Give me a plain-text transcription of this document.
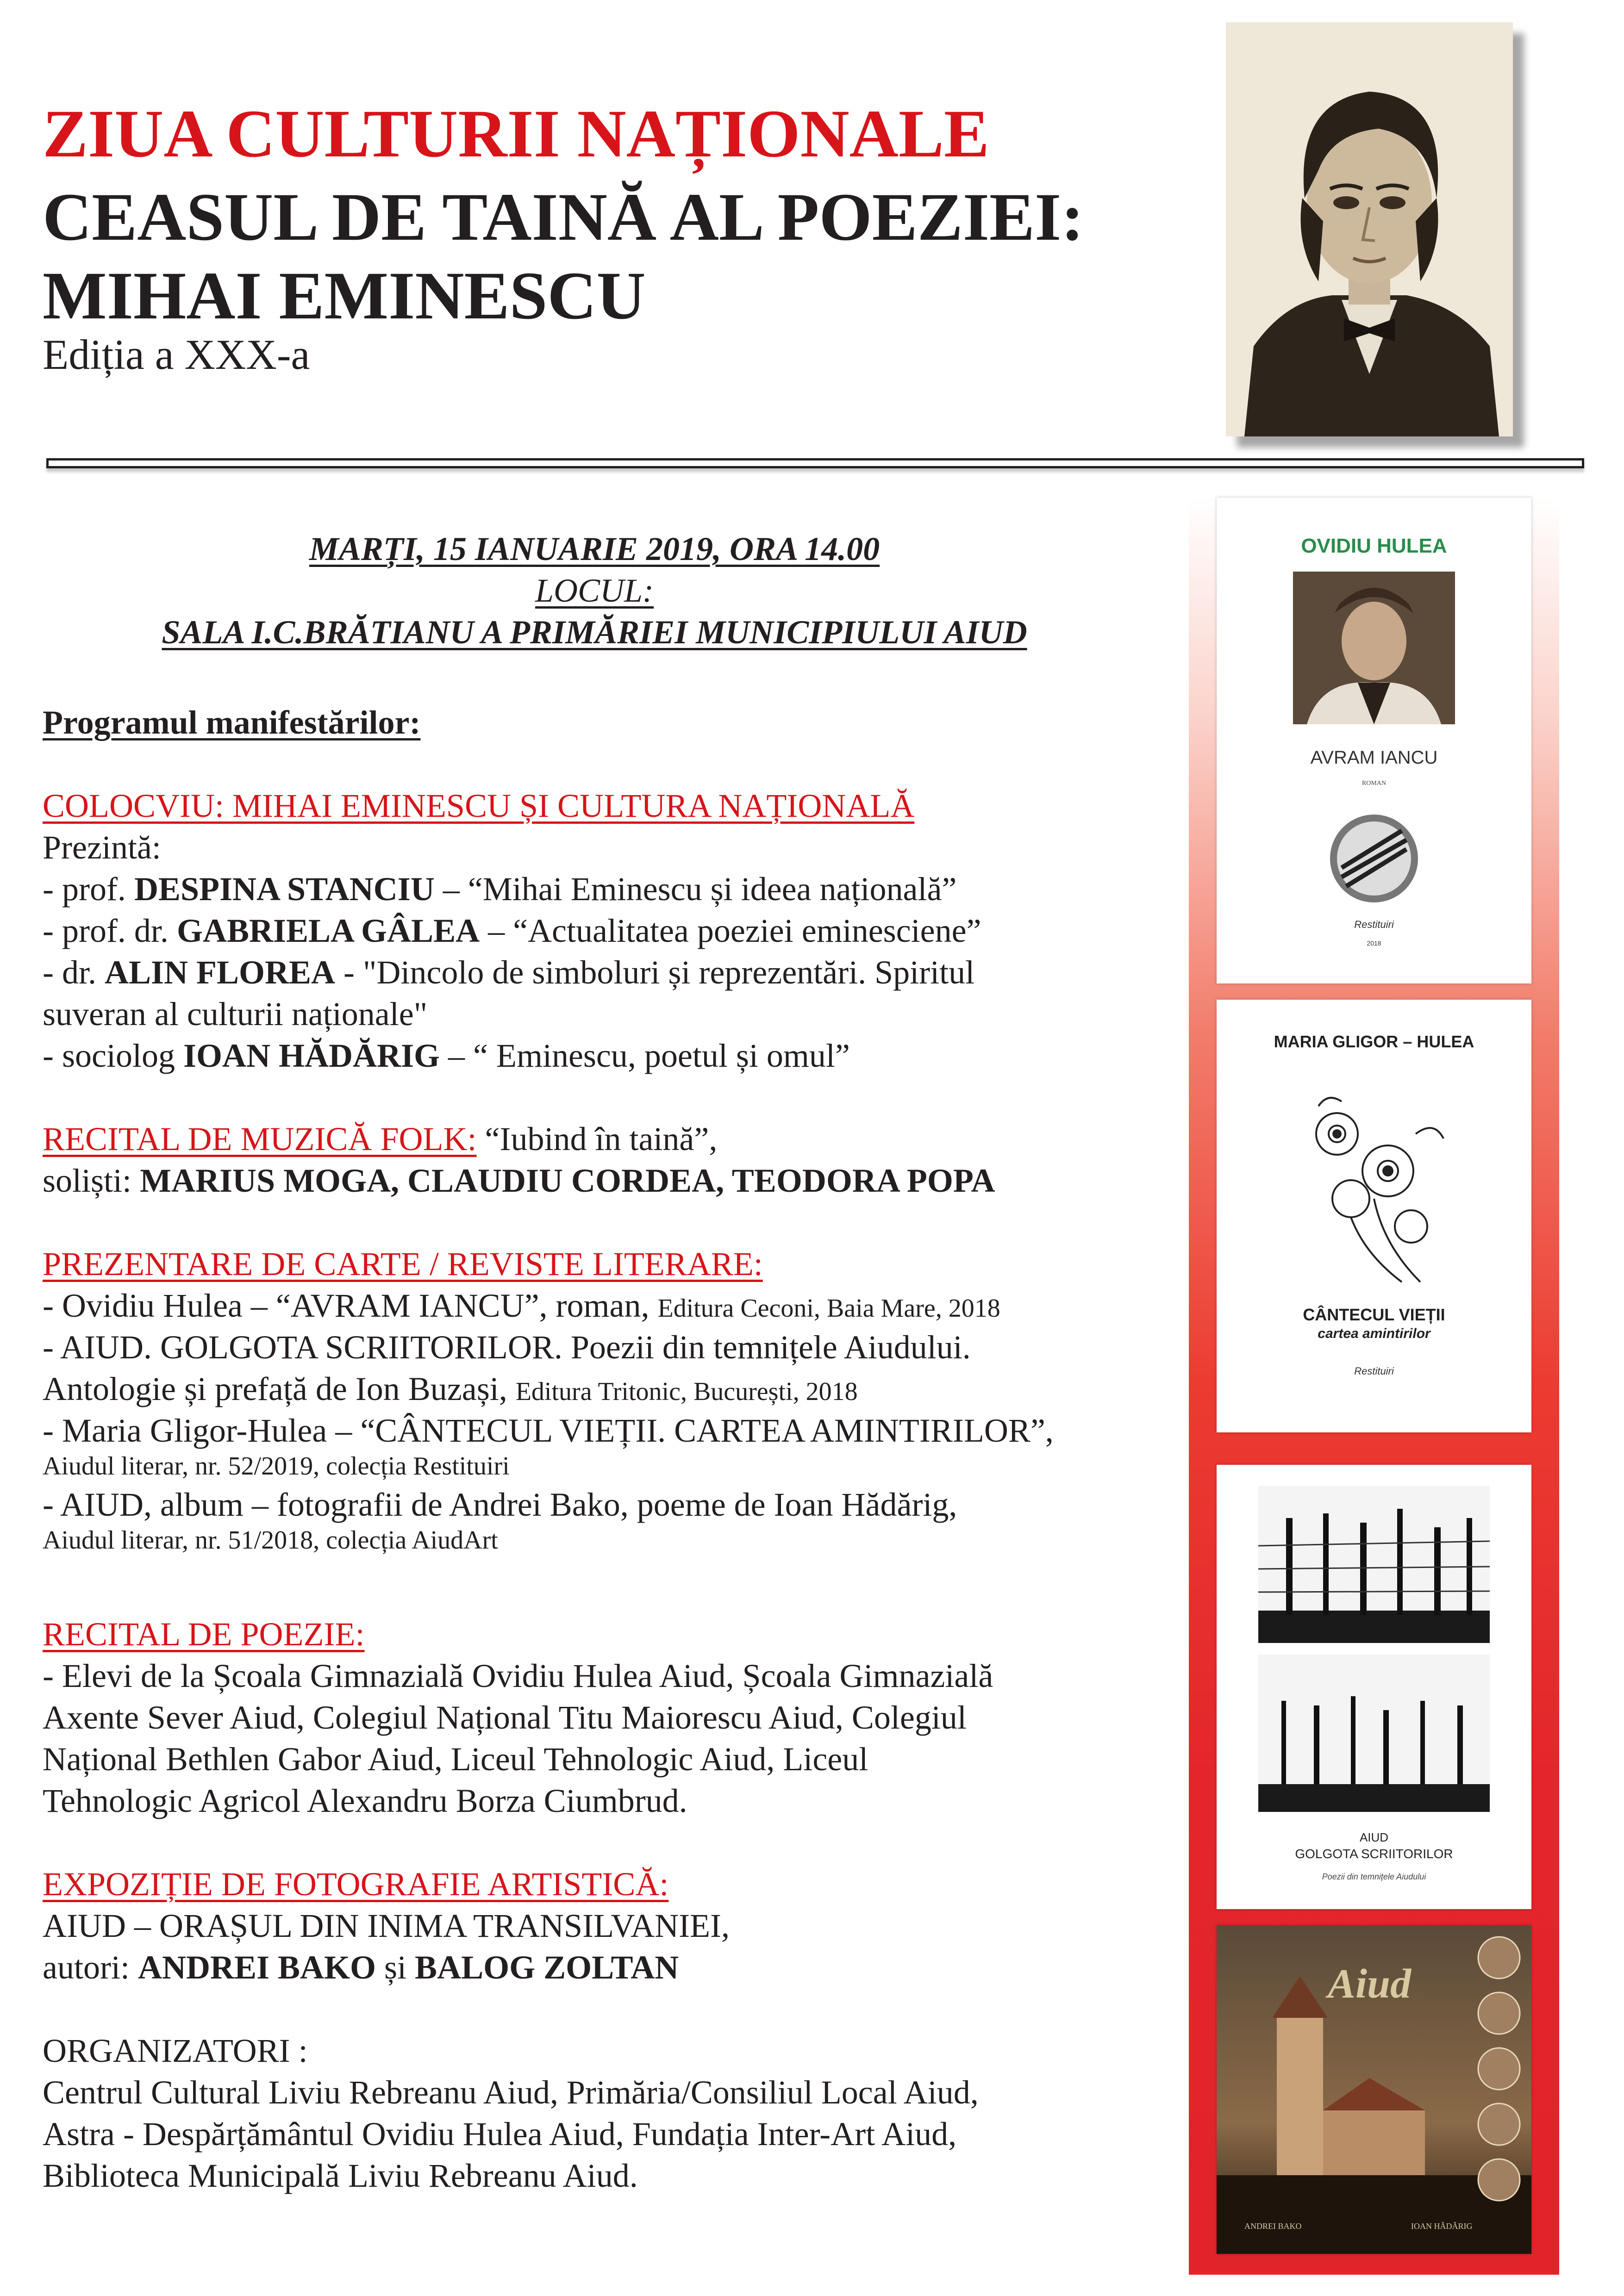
ZIUA CULTURII NAȚIONALE
CEASUL DE TAINĂ AL POEZIEI:
MIHAI EMINESCU
Ediția a XXX-a
MARȚI, 15 IANUARIE 2019, ORA 14.00
LOCUL:
SALA I.C.BRĂTIANU A PRIMĂRIEI MUNICIPIULUI AIUD
Programul manifestărilor:
COLOCVIU: MIHAI EMINESCU ȘI CULTURA NAȚIONALĂ
Prezintă:
- prof. DESPINA STANCIU – “Mihai Eminescu și ideea națională”
- prof. dr. GABRIELA GÂLEA – “Actualitatea poeziei eminesciene”
- dr. ALIN FLOREA - "Dincolo de simboluri și reprezentări. Spiritul
suveran al culturii naționale"
- sociolog IOAN HĂDĂRIG – “ Eminescu, poetul și omul”
RECITAL DE MUZICĂ FOLK: “Iubind în taină”,
soliști: MARIUS MOGA, CLAUDIU CORDEA, TEODORA POPA
PREZENTARE DE CARTE / REVISTE LITERARE:
- Ovidiu Hulea – “AVRAM IANCU”, roman, Editura Ceconi, Baia Mare, 2018
- AIUD. GOLGOTA SCRIITORILOR. Poezii din temnițele Aiudului.
Antologie și prefață de Ion Buzași, Editura Tritonic, București, 2018
- Maria Gligor-Hulea – “CÂNTECUL VIEȚII. CARTEA AMINTIRILOR”,
Aiudul literar, nr. 52/2019, colecția Restituiri
- AIUD, album – fotografii de Andrei Bako, poeme de Ioan Hădărig,
Aiudul literar, nr. 51/2018, colecția AiudArt
RECITAL DE POEZIE:
- Elevi de la Școala Gimnazială Ovidiu Hulea Aiud, Școala Gimnazială
Axente Sever Aiud, Colegiul Național Titu Maiorescu Aiud, Colegiul
Național Bethlen Gabor Aiud, Liceul Tehnologic Aiud, Liceul
Tehnologic Agricol Alexandru Borza Ciumbrud.
EXPOZIȚIE DE FOTOGRAFIE ARTISTICĂ:
AIUD – ORAȘUL DIN INIMA TRANSILVANIEI,
autori: ANDREI BAKO și BALOG ZOLTAN
ORGANIZATORI :
Centrul Cultural Liviu Rebreanu Aiud, Primăria/Consiliul Local Aiud,
Astra - Despărțământul Ovidiu Hulea Aiud, Fundația Inter-Art Aiud,
Biblioteca Municipală Liviu Rebreanu Aiud.
OVIDIU HULEA
AVRAM IANCU
ROMAN
Restituiri
2018
MARIA GLIGOR – HULEA
CÂNTECUL VIEȚII
cartea amintirilor
Restituiri
AIUD
GOLGOTA SCRIITORILOR
Poezii din temnițele Aiudului
Aiud
ANDREI BAKO	IOAN HĂDĂRIG
